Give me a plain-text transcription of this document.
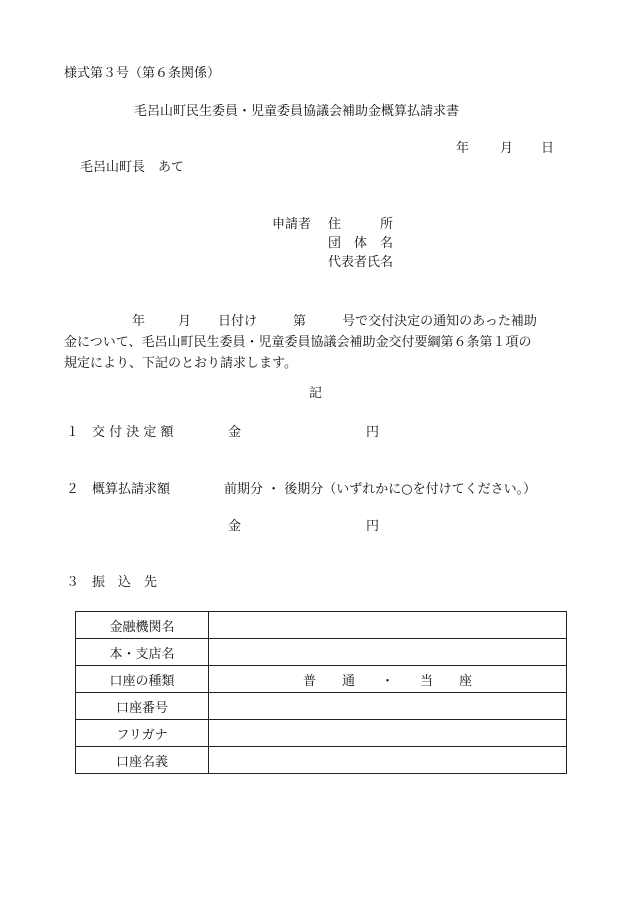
様式第３号（第６条関係）
毛呂山町民生委員・児童委員協議会補助金概算払請求書
年 月 日
毛呂山町長　あて
申請者 住　　　所
団　体　名
代表者氏名
年	月 日付け	第	号で交付決定の通知のあった補助
金について、毛呂山町民生委員・児童委員協議会補助金交付要綱第６条第１項の
規定により、下記のとおり請求します。
記
１ 交 付 決 定 額	金	円
２ 概算払請求額	前期分 ・ 後期分（いずれかに○を付けてください。）
金	円
３ 振　込　先
金融機関名	
本・支店名	
口座の種類	普　　通　　・　　当　　座
口座番号	
フリガナ	
口座名義	
